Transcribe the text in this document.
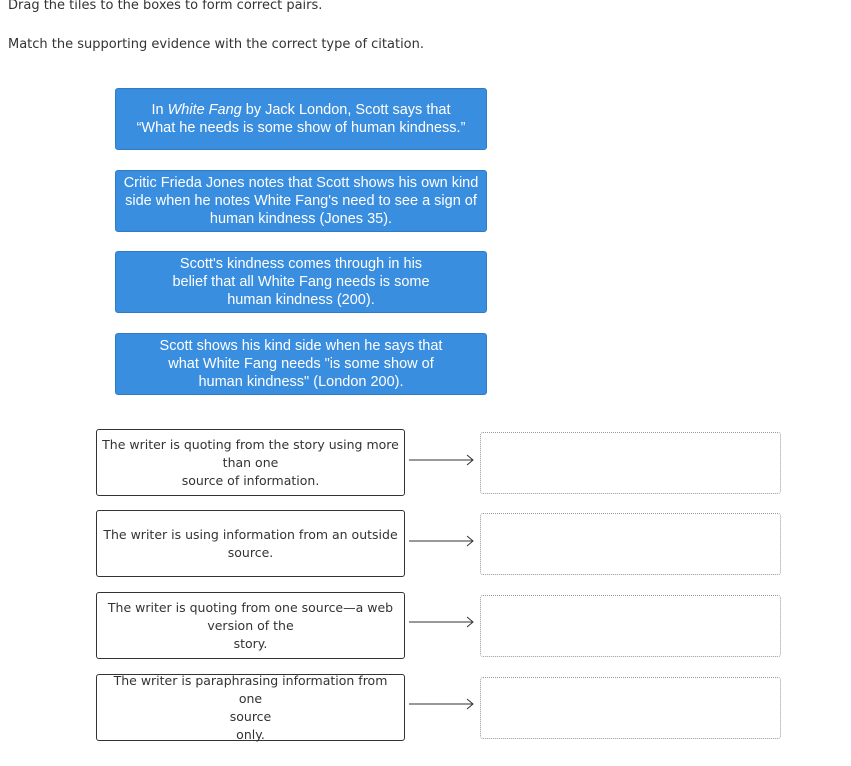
Drag the tiles to the boxes to form correct pairs.
Match the supporting evidence with the correct type of citation.
In White Fang by Jack London, Scott says that
“What he needs is some show of human kindness.”
Critic Frieda Jones notes that Scott shows his own kind
side when he notes White Fang's need to see a sign of
human kindness (Jones 35).
Scott's kindness comes through in his
belief that all White Fang needs is some
human kindness (200).
Scott shows his kind side when he says that
what White Fang needs "is some show of
human kindness" (London 200).
The writer is quoting from the story using more
than one
source of information.
The writer is using information from an outside
source.
The writer is quoting from one source—a web
version of the
story.
The writer is paraphrasing information from one
source
only.
